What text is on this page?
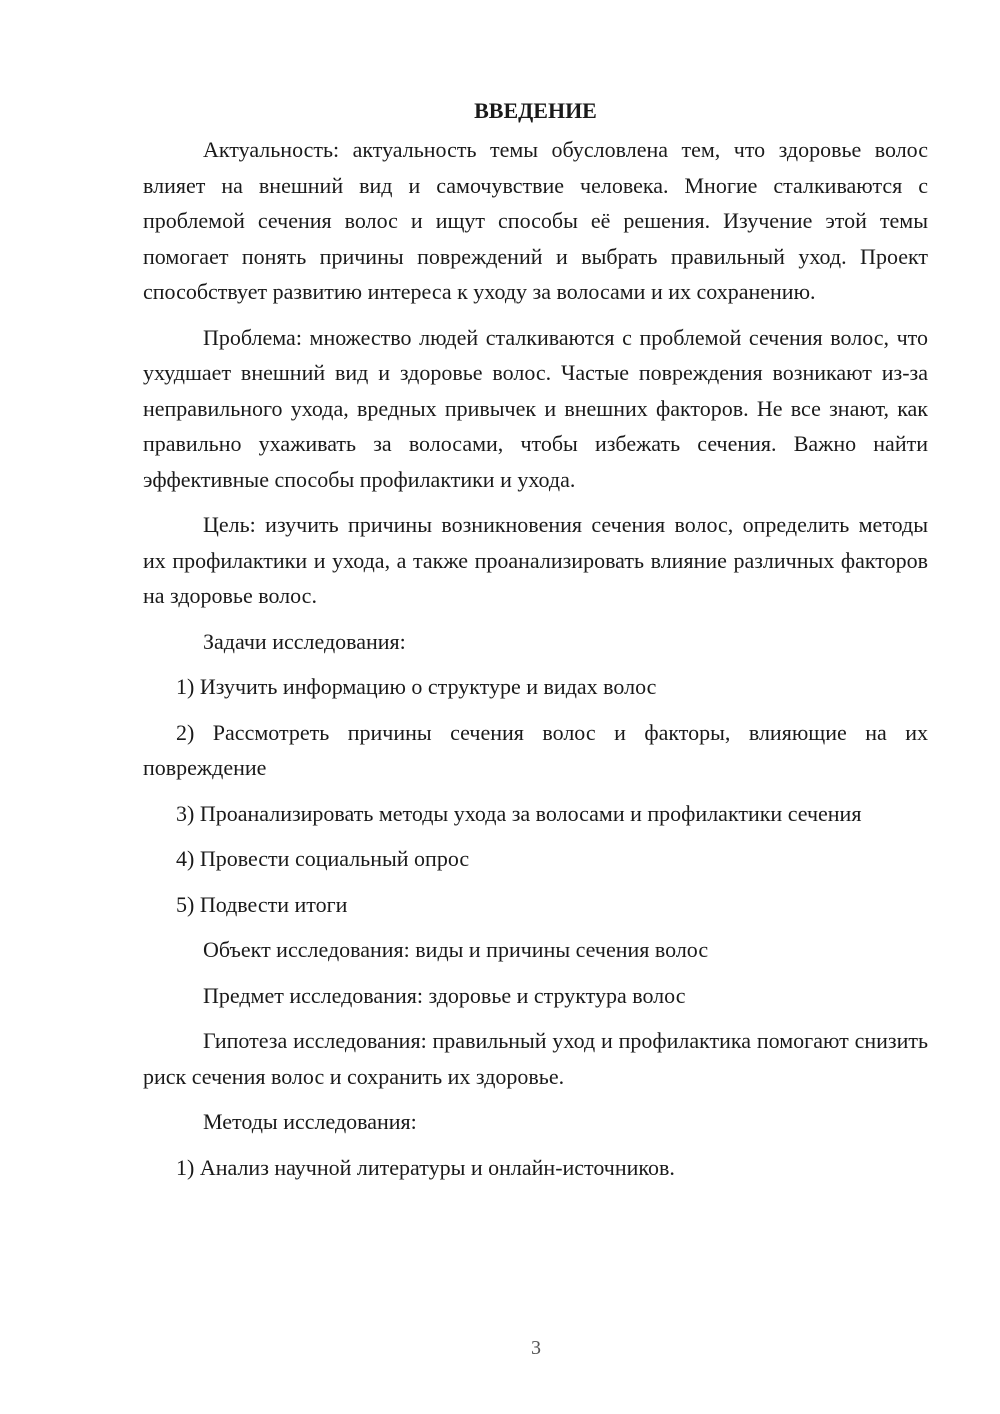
ВВЕДЕНИЕ

Актуальность: актуальность темы обусловлена тем, что здоровье волос влияет на внешний вид и самочувствие человека. Многие сталкиваются с проблемой сечения волос и ищут способы её решения. Изучение этой темы помогает понять причины повреждений и выбрать правильный уход. Проект способствует развитию интереса к уходу за волосами и их сохранению.

Проблема: множество людей сталкиваются с проблемой сечения волос, что ухудшает внешний вид и здоровье волос. Частые повреждения возникают из-за неправильного ухода, вредных привычек и внешних факторов. Не все знают, как правильно ухаживать за волосами, чтобы избежать сечения. Важно найти эффективные способы профилактики и ухода.

Цель: изучить причины возникновения сечения волос, определить методы их профилактики и ухода, а также проанализировать влияние различных факторов на здоровье волос.

Задачи исследования:

1) Изучить информацию о структуре и видах волос

2) Рассмотреть причины сечения волос и факторы, влияющие на их повреждение

3) Проанализировать методы ухода за волосами и профилактики сечения

4) Провести социальный опрос

5) Подвести итоги

Объект исследования: виды и причины сечения волос

Предмет исследования: здоровье и структура волос

Гипотеза исследования: правильный уход и профилактика помогают снизить риск сечения волос и сохранить их здоровье.

Методы исследования:

1) Анализ научной литературы и онлайн-источников.

3
